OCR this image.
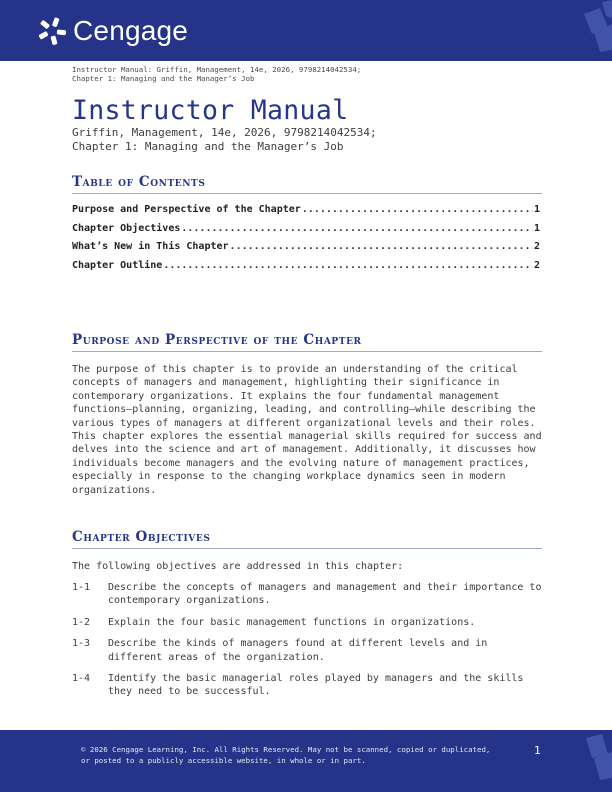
Cengage
Instructor Manual: Griffin, Management, 14e, 2026, 9798214042534;
Chapter 1: Managing and the Manager’s Job
Instructor Manual
Griffin, Management, 14e, 2026, 9798214042534;
Chapter 1: Managing and the Manager’s Job
Table of Contents
Purpose and Perspective of the Chapter .....	1
Chapter Objectives .....	1
What’s New in This Chapter .....	2
Chapter Outline .....	2
Purpose and Perspective of the Chapter

The purpose of this chapter is to provide an understanding of the critical concepts of managers and management, highlighting their significance in contemporary organizations. It explains the four fundamental management functions—planning, organizing, leading, and controlling—while describing the various types of managers at different organizational levels and their roles. This chapter explores the essential managerial skills required for success and delves into the science and art of management. Additionally, it discusses how individuals become managers and the evolving nature of management practices, especially in response to the changing workplace dynamics seen in modern organizations.

Chapter Objectives

The following objectives are addressed in this chapter:

1-1	Describe the concepts of managers and management and their importance to contemporary organizations.
1-2	Explain the four basic management functions in organizations.
1-3	Describe the kinds of managers found at different levels and in different areas of the organization.
1-4	Identify the basic managerial roles played by managers and the skills they need to be successful.
© 2026 Cengage Learning, Inc. All Rights Reserved. May not be scanned, copied or duplicated, or posted to a publicly accessible website, in whole or in part.
1
